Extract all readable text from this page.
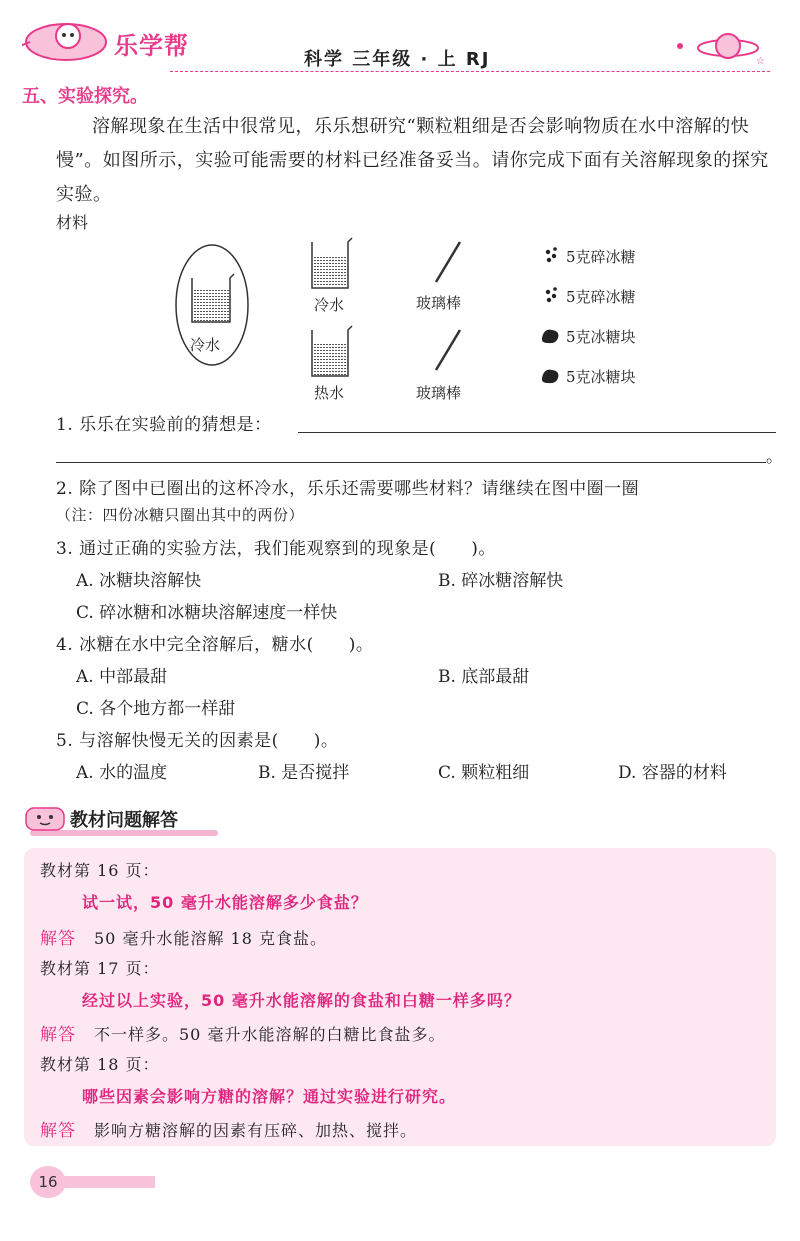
乐学帮	科学 三年级 · 上 RJ	☆
五、实验探究。
溶解现象在生活中很常见，乐乐想研究“颗粒粗细是否会影响物质在水中溶解的快慢”。如图所示，实验可能需要的材料已经准备妥当。请你完成下面有关溶解现象的探究实验。
材料
冷水
冷水
热水
玻璃棒
玻璃棒
5克碎冰糖
5克碎冰糖
5克冰糖块
5克冰糖块
1. 乐乐在实验前的猜想是：
。
2. 除了图中已圈出的这杯冷水，乐乐还需要哪些材料？请继续在图中圈一圈
（注：四份冰糖只圈出其中的两份）
3. 通过正确的实验方法，我们能观察到的现象是(　　)。
A. 冰糖块溶解快	B. 碎冰糖溶解快
C. 碎冰糖和冰糖块溶解速度一样快
4. 冰糖在水中完全溶解后，糖水(　　)。
A. 中部最甜	B. 底部最甜
C. 各个地方都一样甜
5. 与溶解快慢无关的因素是(　　)。
A. 水的温度	B. 是否搅拌	C. 颗粒粗细	D. 容器的材料
教材问题解答
教材第 16 页：
试一试，50 毫升水能溶解多少食盐？
解答 50 毫升水能溶解 18 克食盐。
教材第 17 页：
经过以上实验，50 毫升水能溶解的食盐和白糖一样多吗？
解答 不一样多。50 毫升水能溶解的白糖比食盐多。
教材第 18 页：
哪些因素会影响方糖的溶解？通过实验进行研究。
解答 影响方糖溶解的因素有压碎、加热、搅拌。
16
